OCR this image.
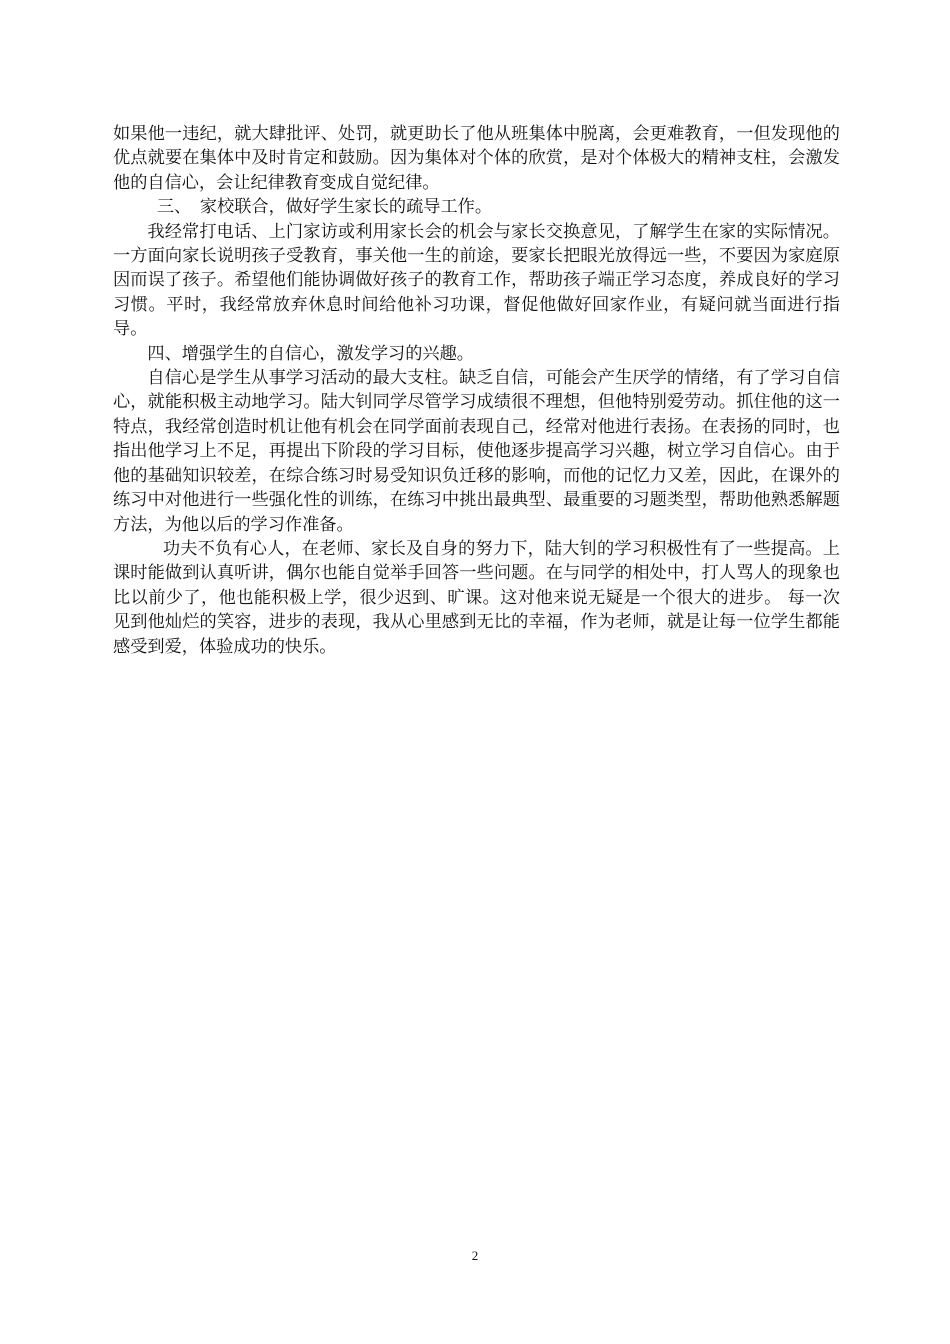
如果他一违纪，就大肆批评、处罚，就更助长了他从班集体中脱离，会更难教育，一但发现他的优点就要在集体中及时肯定和鼓励。因为集体对个体的欣赏，是对个体极大的精神支柱，会激发他的自信心，会让纪律教育变成自觉纪律。

三、　家校联合，做好学生家长的疏导工作。

我经常打电话、上门家访或利用家长会的机会与家长交换意见，了解学生在家的实际情况。一方面向家长说明孩子受教育，事关他一生的前途，要家长把眼光放得远一些，不要因为家庭原因而误了孩子。希望他们能协调做好孩子的教育工作，帮助孩子端正学习态度，养成良好的学习习惯。平时，我经常放弃休息时间给他补习功课，督促他做好回家作业，有疑问就当面进行指导。

四、增强学生的自信心，激发学习的兴趣。

自信心是学生从事学习活动的最大支柱。缺乏自信，可能会产生厌学的情绪，有了学习自信心，就能积极主动地学习。陆大钊同学尽管学习成绩很不理想，但他特别爱劳动。抓住他的这一特点，我经常创造时机让他有机会在同学面前表现自己，经常对他进行表扬。在表扬的同时，也指出他学习上不足，再提出下阶段的学习目标，使他逐步提高学习兴趣，树立学习自信心。由于他的基础知识较差，在综合练习时易受知识负迁移的影响，而他的记忆力又差，因此，在课外的练习中对他进行一些强化性的训练，在练习中挑出最典型、最重要的习题类型，帮助他熟悉解题方法，为他以后的学习作准备。

功夫不负有心人，在老师、家长及自身的努力下，陆大钊的学习积极性有了一些提高。上课时能做到认真听讲，偶尔也能自觉举手回答一些问题。在与同学的相处中，打人骂人的现象也比以前少了，他也能积极上学，很少迟到、旷课。这对他来说无疑是一个很大的进步。 每一次见到他灿烂的笑容，进步的表现，我从心里感到无比的幸福，作为老师，就是让每一位学生都能感受到爱，体验成功的快乐。

2
